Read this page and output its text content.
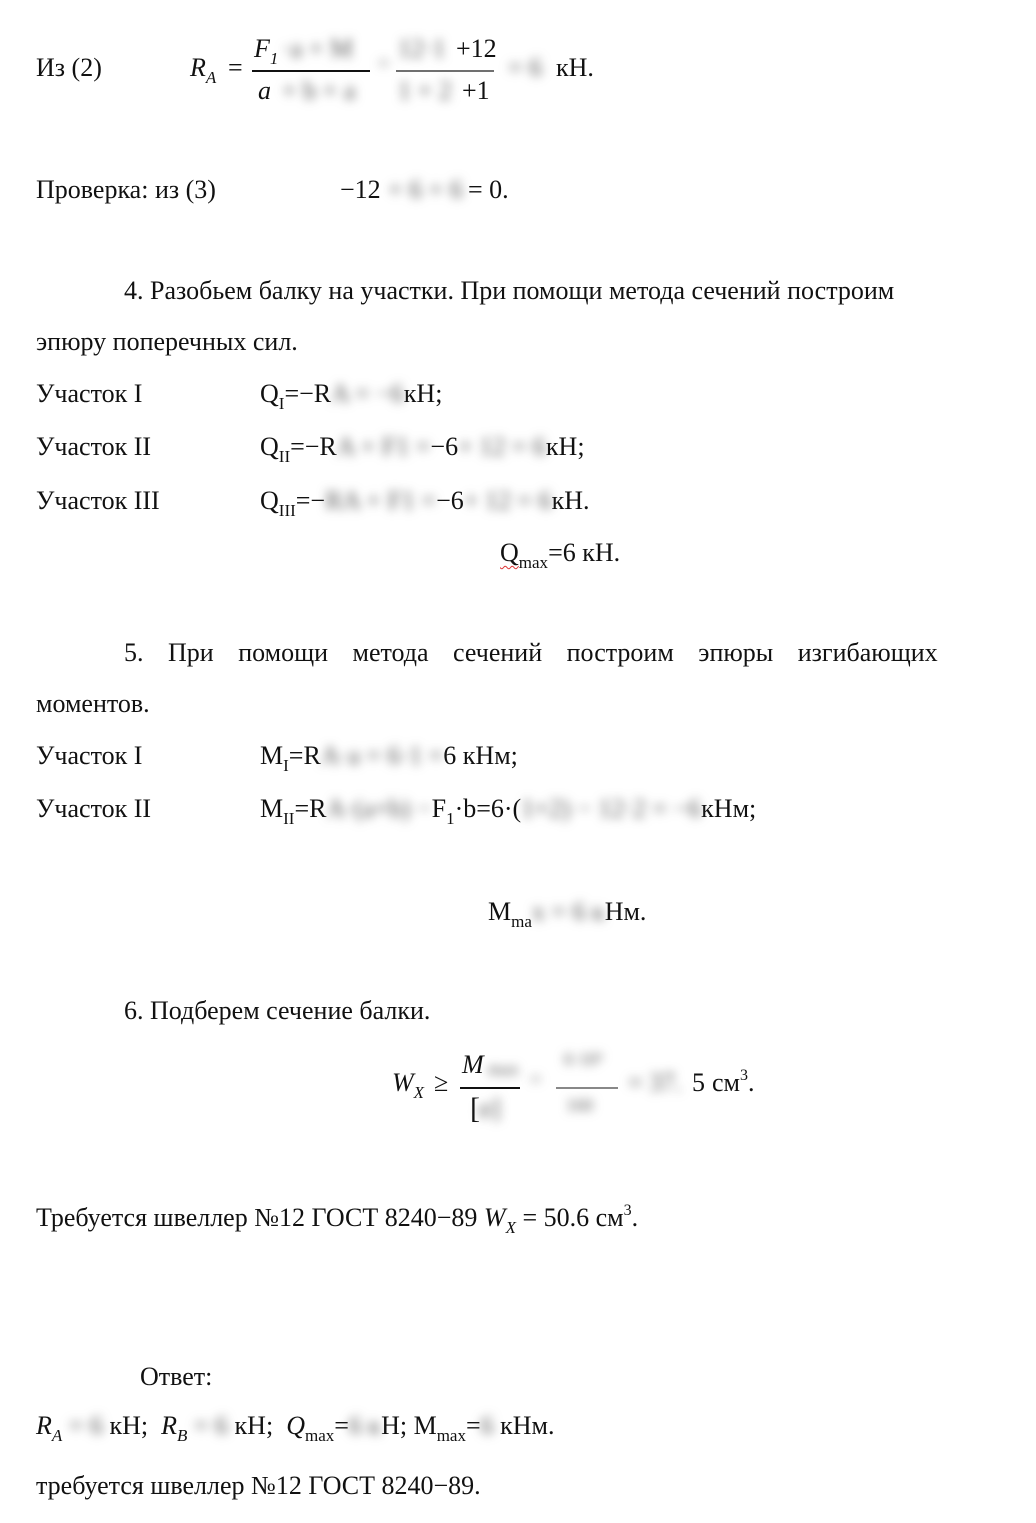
Из (2)	$R_A$ =
$F_1 \cdot a + M$
a + b + a
=
12·1
1 + 2
+12
+1
= 6 кН.
Проверка: из (3)	−12 + 6 + 6 = 0.
4. Разобьем балку на участки. При помощи метода сечений построим
эпюру поперечных сил.
Участок I	$Q_I=-RA = -6кН$;
Участок II	$Q_{II}=-RA + F1 =-6+ 12 = 6кН$;
Участок III	$Q_{III}=-RA + F1 =-6+ 12 = 6кН$.
$Q_{max}=6$ кН.
5. При помощи метода сечений построим эпюры изгибающих
моментов.
Участок I	$M_I=RA\cdot a = 6\cdot 1 =6$ кНм;
Участок II	$M_{II}=RA\cdot(a+b) -F_1\cdot b=6\cdot(1+2) - 12\cdot 2 = -6кНм$;
$M_{ma}x = 6$ кНм.
6. Подберем сечение балки.
$W_X$ ≥
M max
[
σ]
=
6·10³
160
= 37. 5 $см^3$.
Требуется швеллер №12 ГОСТ 8240−89 $W_X = 50.6$ $см^3$.
Ответ:
$R_A = 6$ кН; $R_B = 6$ кН; $Q_{max}=6$ кН; $M_{max}=6$ кНм.
требуется швеллер №12 ГОСТ 8240−89.
